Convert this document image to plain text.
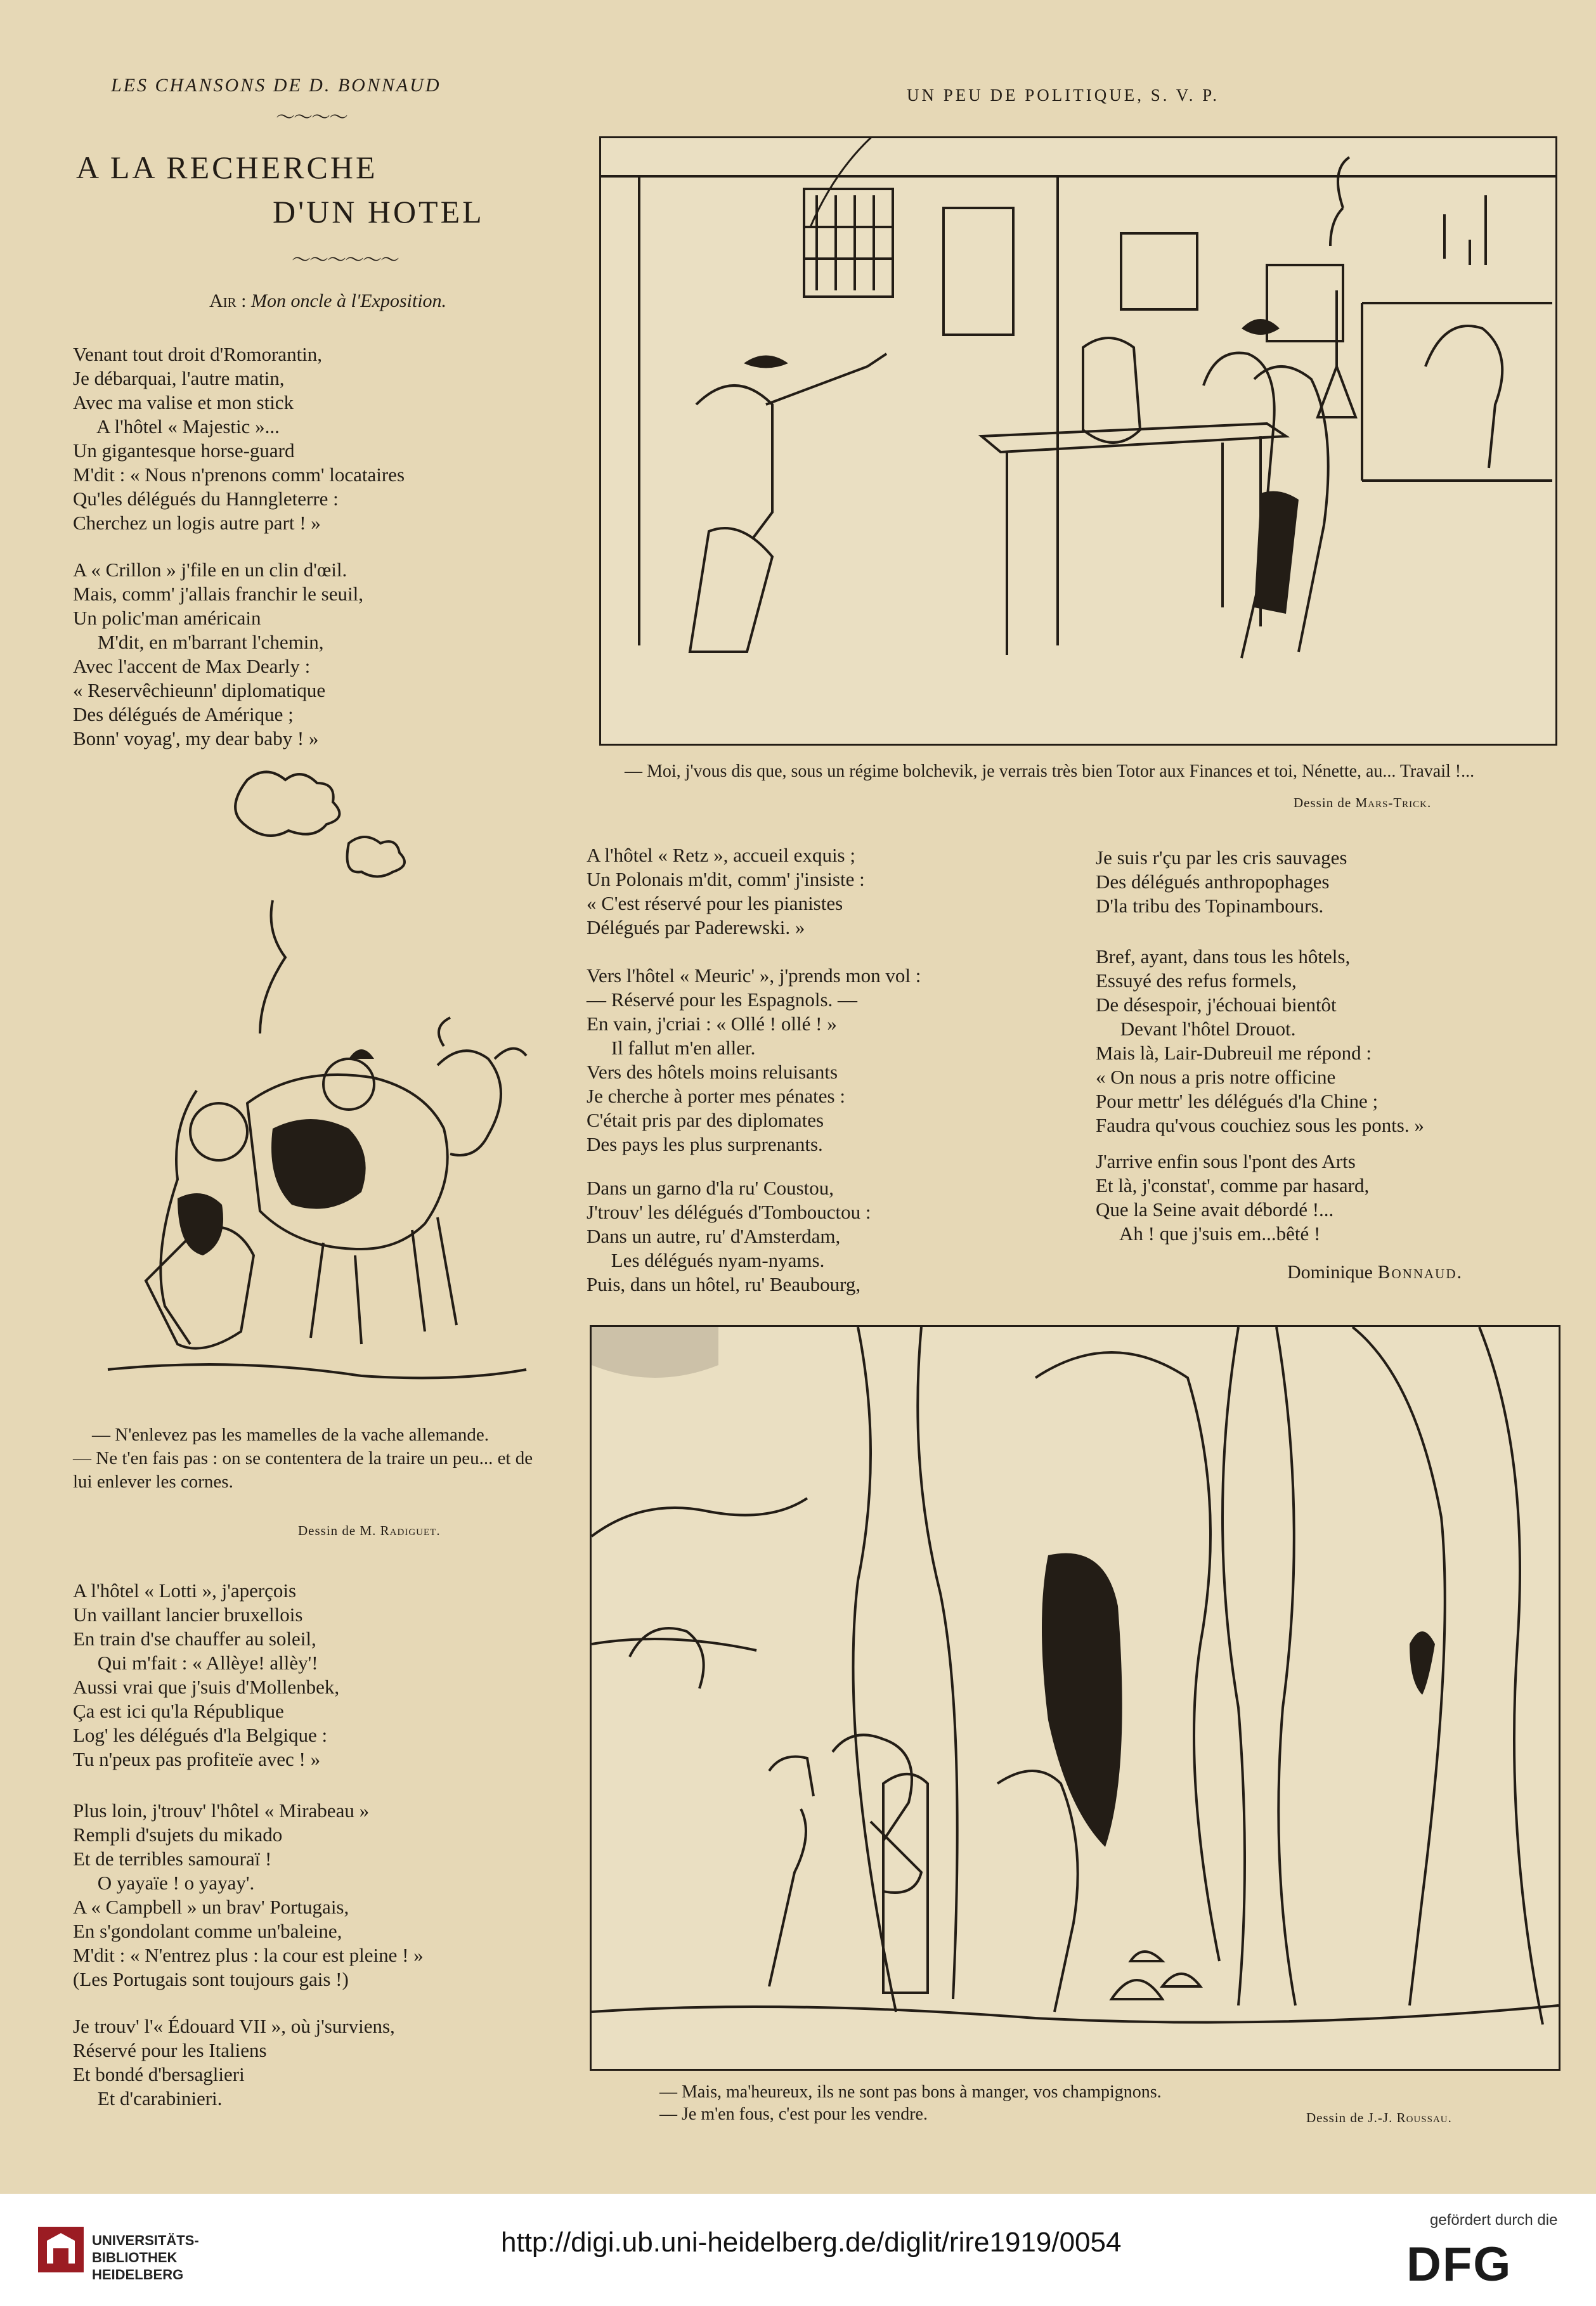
LES CHANSONS DE D. BONNAUD
〜〜〜〜
UN PEU DE POLITIQUE, S. V. P.
A LA RECHERCHE
D'UN HOTEL
〜〜〜〜〜〜
Air : Mon oncle à l'Exposition.
Venant tout droit d'Romorantin,
Je débarquai, l'autre matin,
Avec ma valise et mon stick
A l'hôtel « Majestic »...
Un gigantesque horse-guard
M'dit : « Nous n'prenons comm' locataires
Qu'les délégués du Hanngleterre :
Cherchez un logis autre part ! »
A « Crillon » j'file en un clin d'œil.
Mais, comm' j'allais franchir le seuil,
Un polic'man américain
M'dit, en m'barrant l'chemin,
Avec l'accent de Max Dearly :
« Reservêchieunn' diplomatique
Des délégués de Amérique ;
Bonn' voyag', my dear baby ! »
— N'enlevez pas les mamelles de la vache allemande.
— Ne t'en fais pas : on se contentera de la traire un peu... et de lui enlever les cornes.
Dessin de M. Radiguet.
A l'hôtel « Lotti », j'aperçois
Un vaillant lancier bruxellois
En train d'se chauffer au soleil,
Qui m'fait : « Allèye! allèy'!
Aussi vrai que j'suis d'Mollenbek,
Ça est ici qu'la République
Log' les délégués d'la Belgique :
Tu n'peux pas profiteïe avec ! »
Plus loin, j'trouv' l'hôtel « Mirabeau »
Rempli d'sujets du mikado
Et de terribles samouraï !
O yayaïe ! o yayay'.
A « Campbell » un brav' Portugais,
En s'gondolant comme un'baleine,
M'dit : « N'entrez plus : la cour est pleine ! »
(Les Portugais sont toujours gais !)
Je trouv' l'« Édouard VII », où j'surviens,
Réservé pour les Italiens
Et bondé d'bersaglieri
Et d'carabinieri.
— Moi, j'vous dis que, sous un régime bolchevik, je verrais très bien Totor aux Finances et toi, Nénette, au... Travail !...
Dessin de Mars-Trick.
A l'hôtel « Retz », accueil exquis ;
Un Polonais m'dit, comm' j'insiste :
« C'est réservé pour les pianistes
Délégués par Paderewski. »
Vers l'hôtel « Meuric' », j'prends mon vol :
— Réservé pour les Espagnols. —
En vain, j'criai : « Ollé ! ollé ! »
Il fallut m'en aller.
Vers des hôtels moins reluisants
Je cherche à porter mes pénates :
C'était pris par des diplomates
Des pays les plus surprenants.
Dans un garno d'la ru' Coustou,
J'trouv' les délégués d'Tombouctou :
Dans un autre, ru' d'Amsterdam,
Les délégués nyam-nyams.
Puis, dans un hôtel, ru' Beaubourg,
Je suis r'çu par les cris sauvages
Des délégués anthropophages
D'la tribu des Topinambours.
Bref, ayant, dans tous les hôtels,
Essuyé des refus formels,
De désespoir, j'échouai bientôt
Devant l'hôtel Drouot.
Mais là, Lair-Dubreuil me répond :
« On nous a pris notre officine
Pour mettr' les délégués d'la Chine ;
Faudra qu'vous couchiez sous les ponts. »
J'arrive enfin sous l'pont des Arts
Et là, j'constat', comme par hasard,
Que la Seine avait débordé !...
Ah ! que j'suis em...bêté !
Dominique Bonnaud.
— Mais, ma'heureux, ils ne sont pas bons à manger, vos champignons.
— Je m'en fous, c'est pour les vendre.	Dessin de J.-J. Roussau.
UNIVERSITÄTS-
BIBLIOTHEK
HEIDELBERG
http://digi.ub.uni-heidelberg.de/diglit/rire1919/0054
gefördert durch die
DFG
